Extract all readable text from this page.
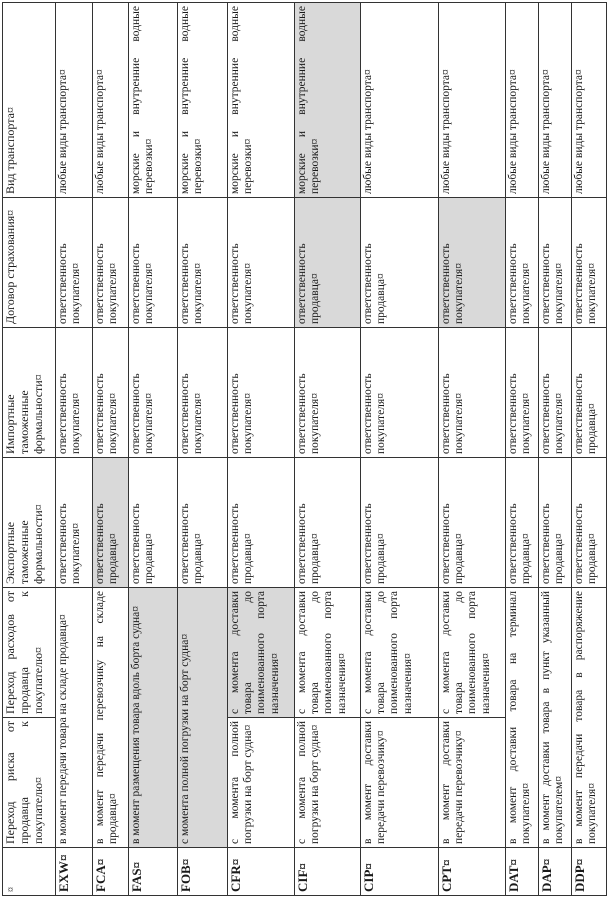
¤	Переход риска от продавца к покупателю¤	Переход расходов от продавца к покупателю¤	Экспортные таможенные формальности¤	Импортные таможенные формальности¤	Договор страхования¤	Вид транспорта¤
EXW¤	в момент передачи товара на складе продавца¤		ответственность покупателя¤	ответственность покупателя¤	ответственность покупателя¤	любые виды транспорта¤
FCA¤	в момент передачи перевозчику на складе продавца¤		ответственность продавца¤	ответственность покупателя¤	ответственность покупателя¤	любые виды транспорта¤
FAS¤	в момент размещения товара вдоль борта судна¤		ответственность продавца¤	ответственность покупателя¤	ответственность покупателя¤	морские и внутренние водные перевозки¤
FOB¤	с момента полной погрузки на борт судна¤		ответственность продавца¤	ответственность покупателя¤	ответственность покупателя¤	морские и внутренние водные перевозки¤
CFR¤	с момента полной погрузки на борт судна¤	с момента доставки товара до поименованного порта назначения¤	ответственность продавца¤	ответственность покупателя¤	ответственность покупателя¤	морские и внутренние водные перевозки¤
CIF¤	с момента полной погрузки на борт судна¤	с момента доставки товара до поименованного порта назначения¤	ответственность продавца¤	ответственность покупателя¤	ответственность продавца¤	морские и внутренние водные перевозки¤
CIP¤	в момент доставки передачи перевозчику¤	с момента доставки товара до поименованного порта назначения¤	ответственность продавца¤	ответственность покупателя¤	ответственность продавца¤	любые виды транспорта¤
CPT¤	в момент доставки передачи перевозчику¤	с момента доставки товара до поименованного порта назначения¤	ответственность продавца¤	ответственность покупателя¤	ответственность покупателя¤	любые виды транспорта¤
DAT¤	в момент доставки товара на терминал покупателя¤		ответственность продавца¤	ответственность покупателя¤	ответственность покупателя¤	любые виды транспорта¤
DAP¤	в момент доставки товара в пункт указанный покупателем¤		ответственность продавца¤	ответственность покупателя¤	ответственность покупателя¤	любые виды транспорта¤
DDP¤	в момент передачи товара в распоряжение покупателя¤		ответственность продавца¤	ответственность продавца¤	ответственность покупателя¤	любые виды транспорта¤
